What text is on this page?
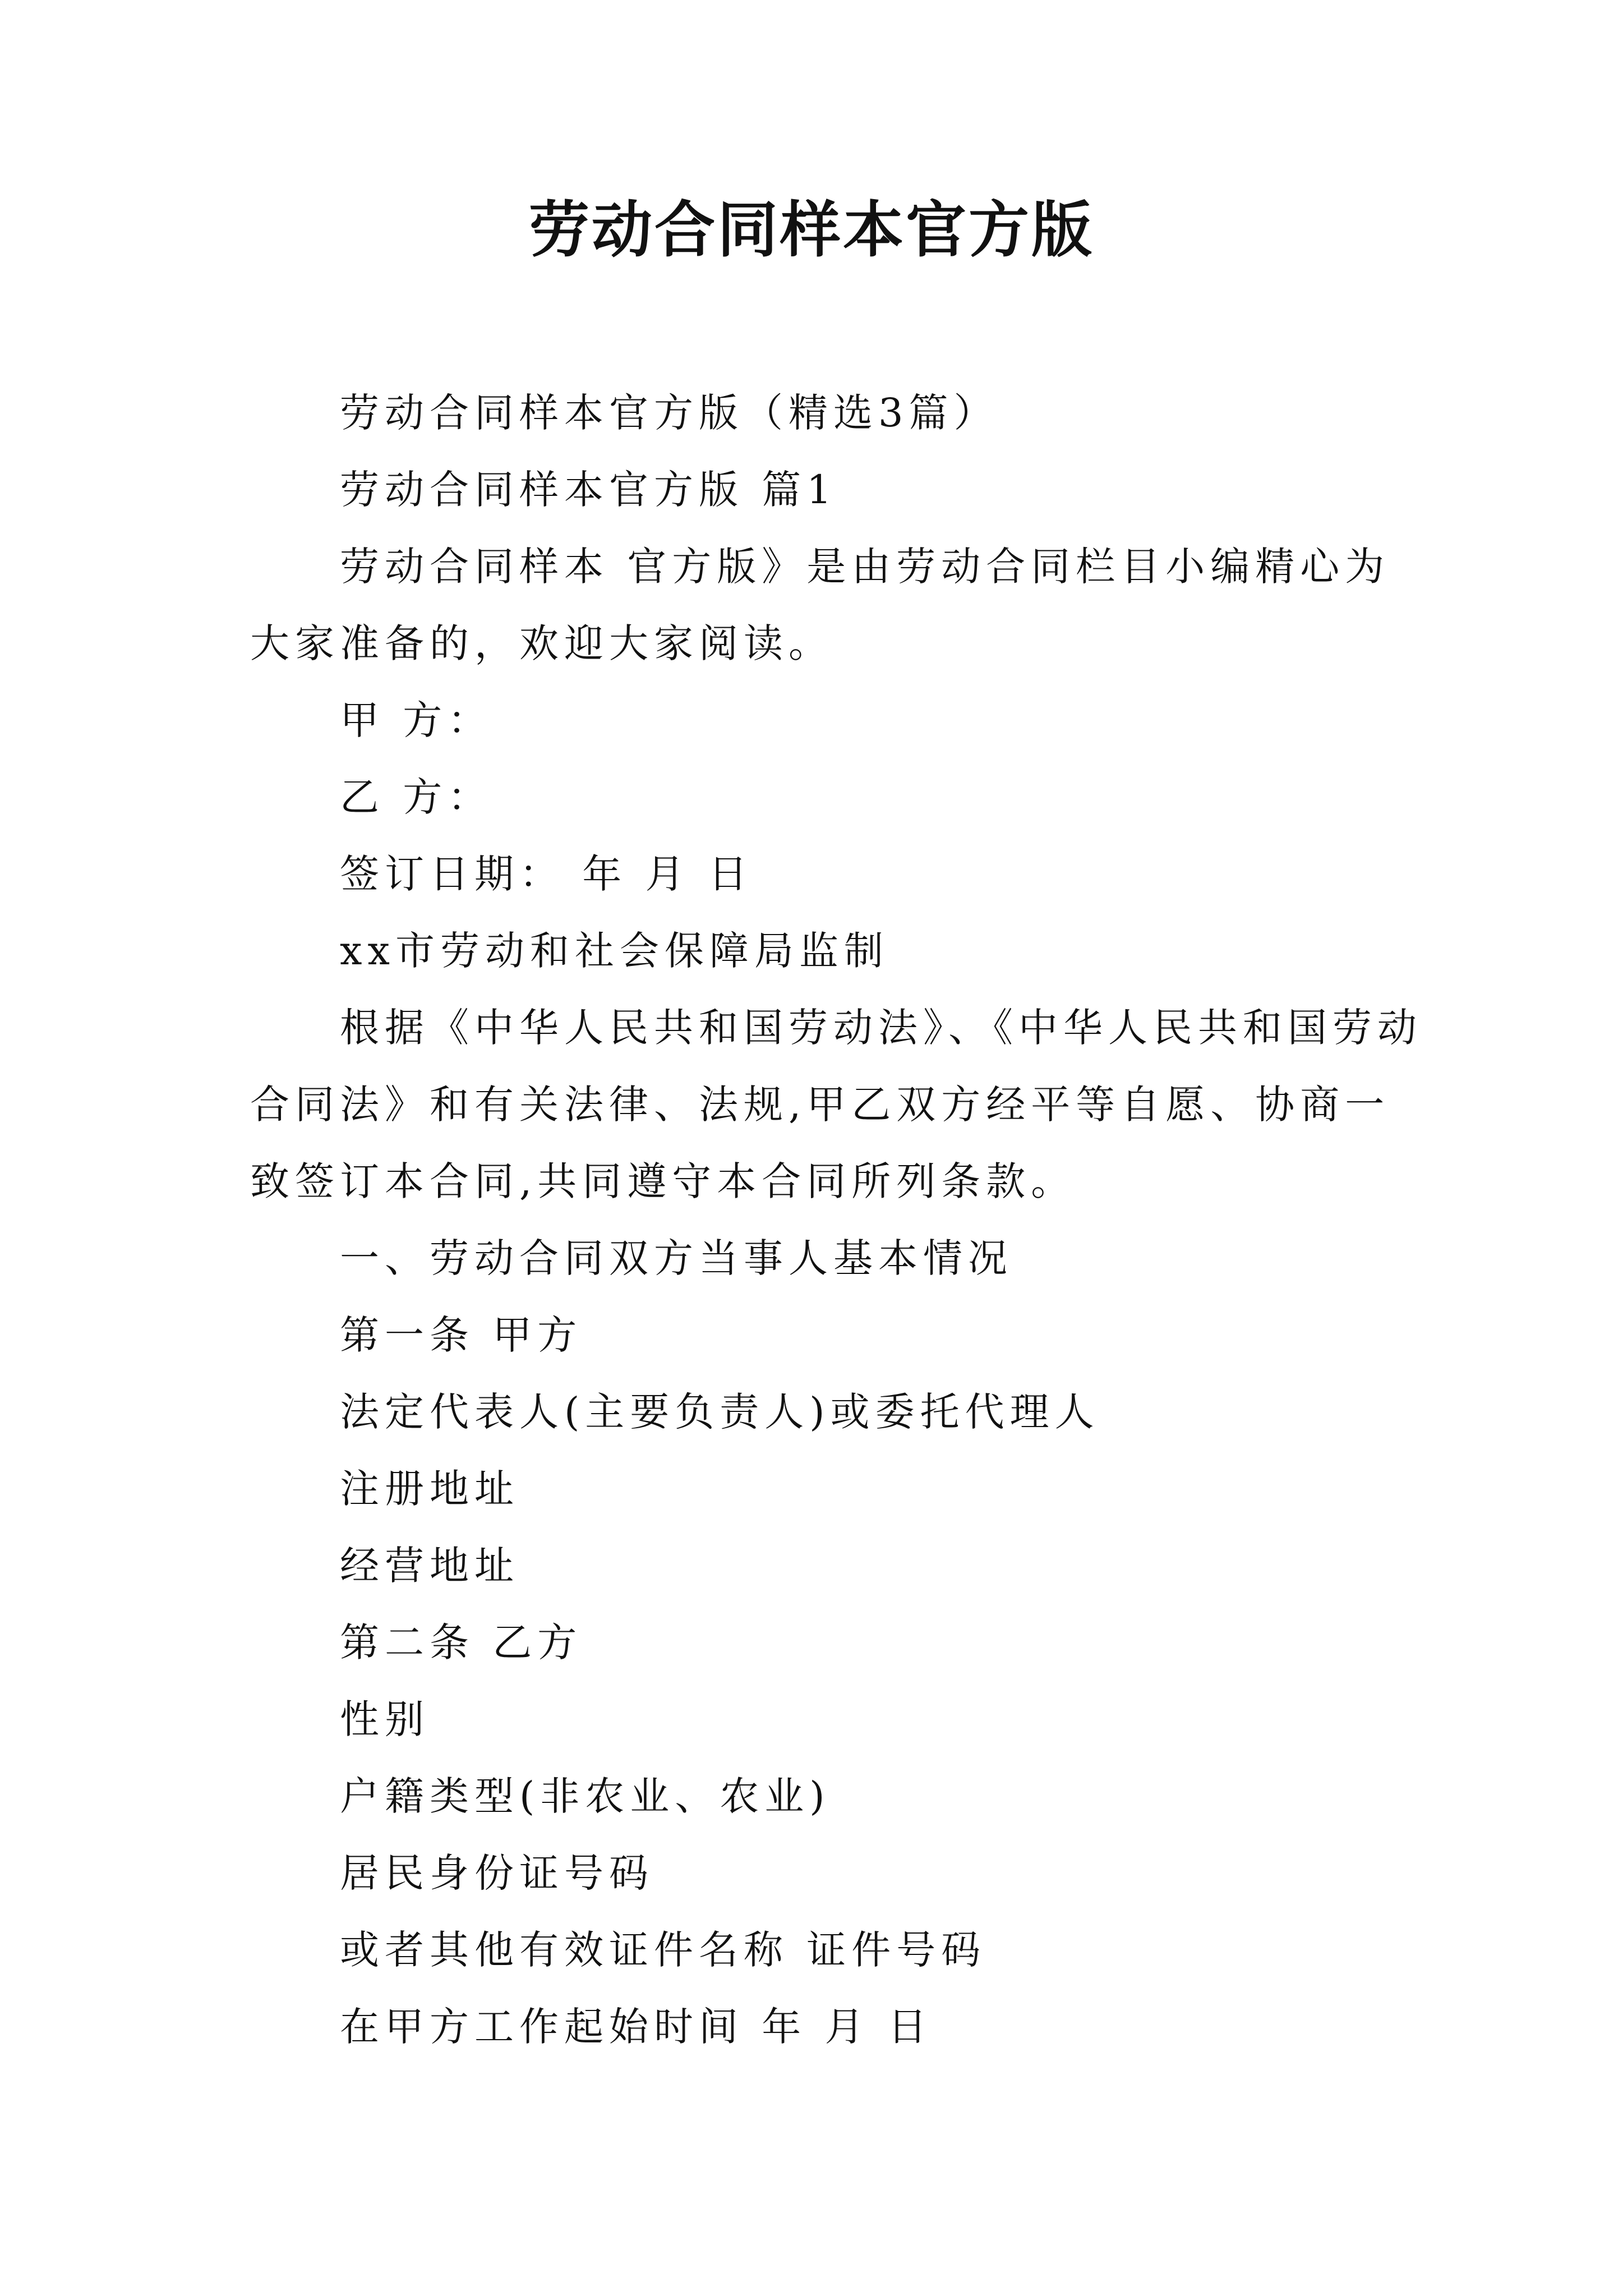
劳动合同样本官方版
劳动合同样本官方版（精选3篇）
劳动合同样本官方版 篇1
劳动合同样本 官方版》是由劳动合同栏目小编精心为
大家准备的，欢迎大家阅读。
甲 方：
乙 方：
签订日期： 年 月 日
xx市劳动和社会保障局监制
根据《中华人民共和国劳动法》、《中华人民共和国劳动
合同法》和有关法律、法规,甲乙双方经平等自愿、协商一
致签订本合同,共同遵守本合同所列条款。
一、劳动合同双方当事人基本情况
第一条 甲方
法定代表人(主要负责人)或委托代理人
注册地址
经营地址
第二条 乙方
性别
户籍类型(非农业、农业)
居民身份证号码
或者其他有效证件名称 证件号码
在甲方工作起始时间 年 月 日
